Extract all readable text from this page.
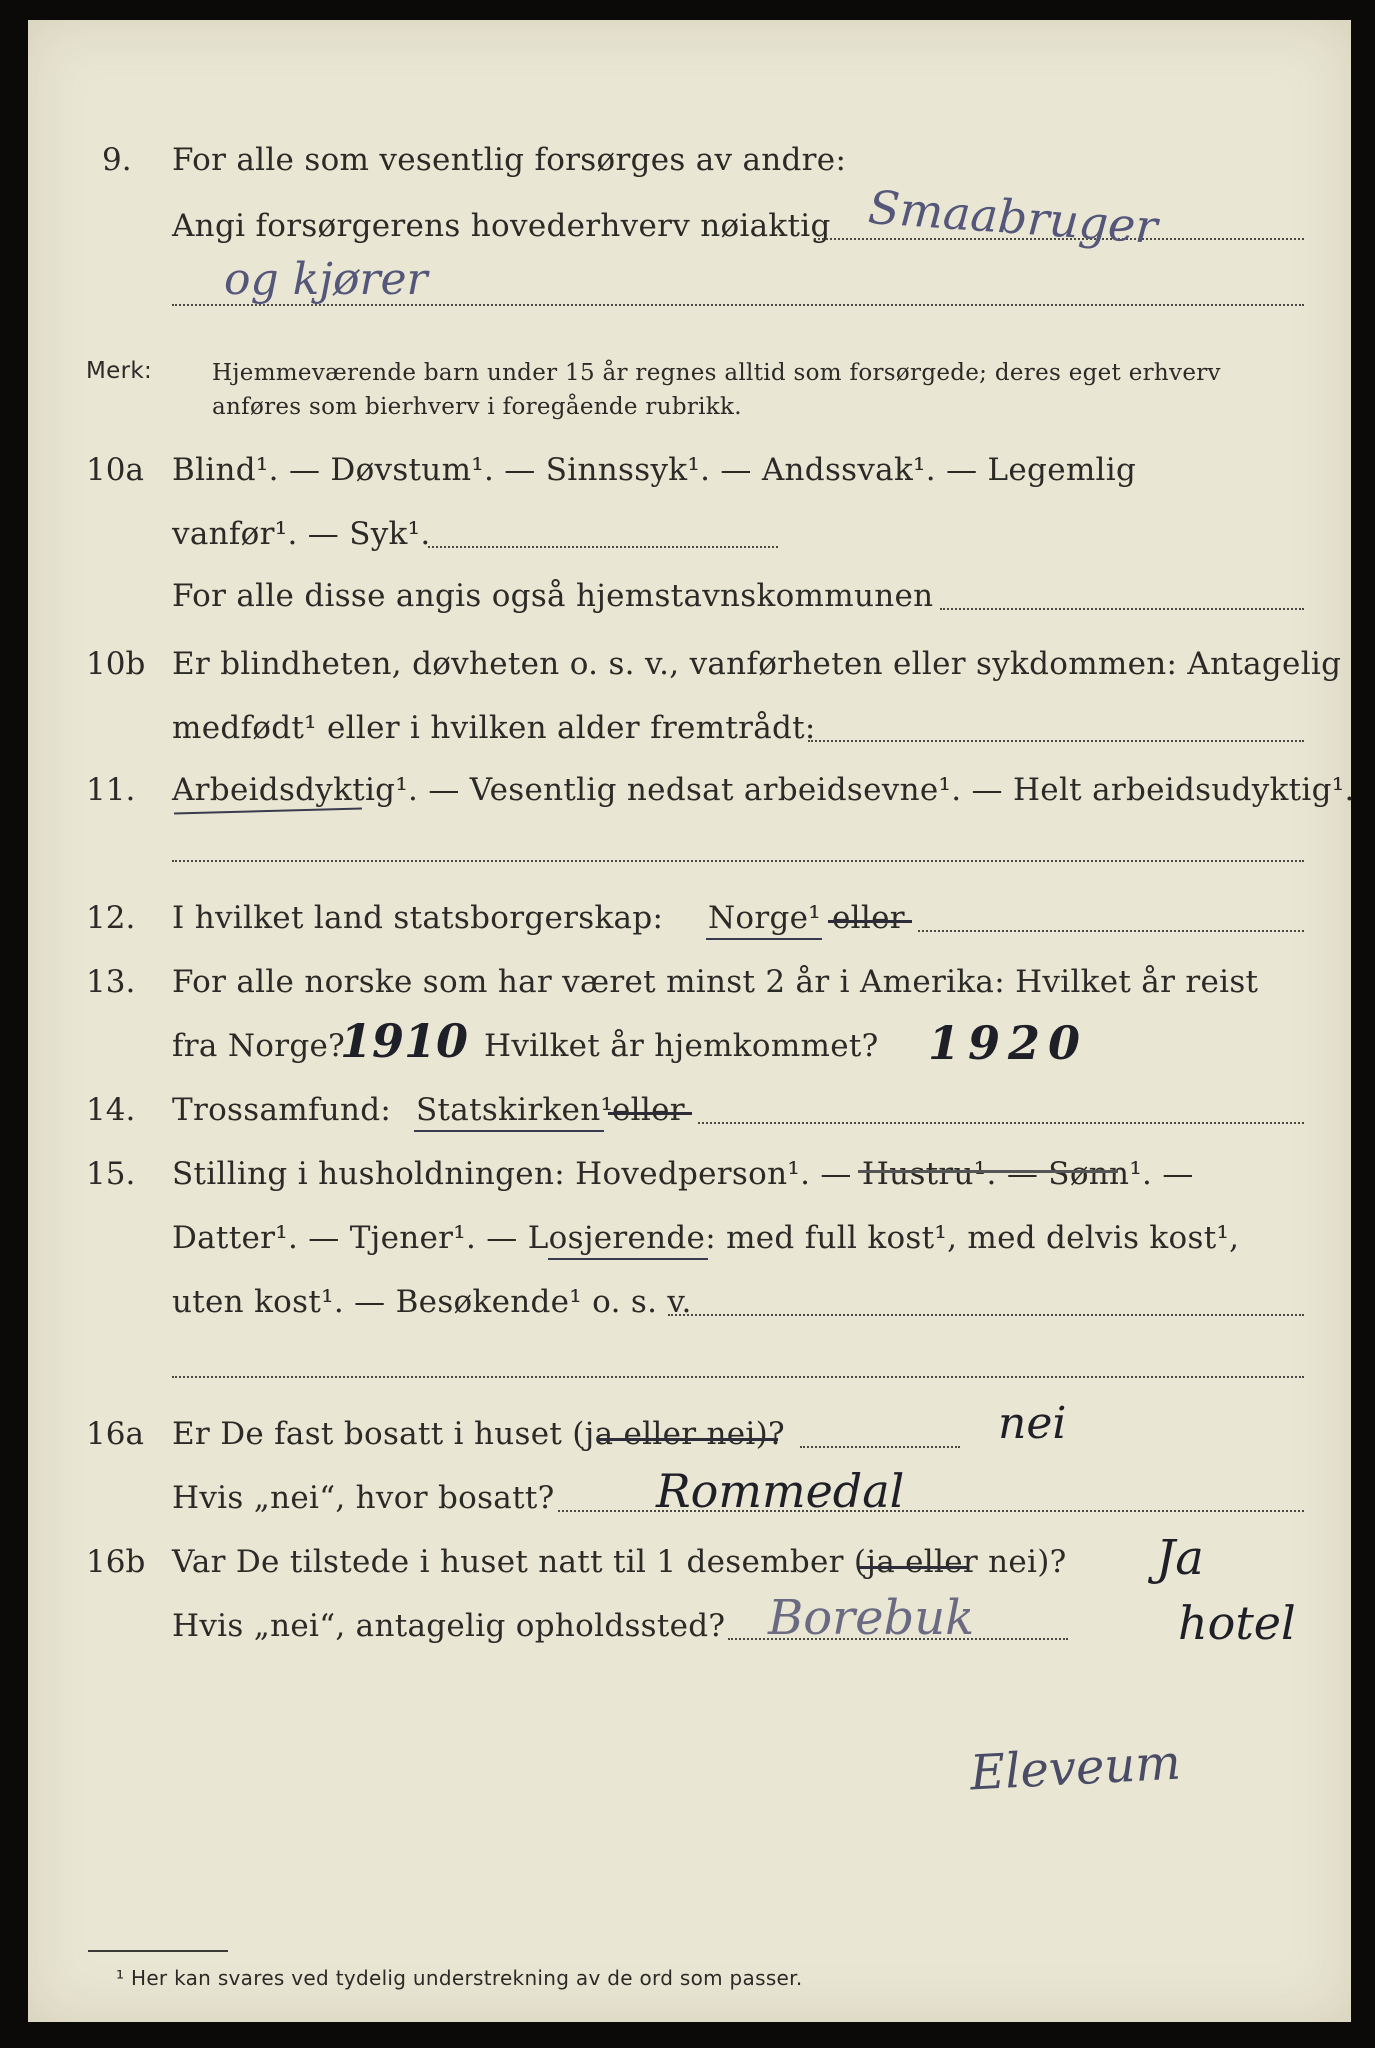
9. For alle som vesentlig forsørges av andre:
Angi forsørgerens hovederhverv nøiaktig Smaabruger
og kjører
Merk:	Hjemmeværende barn under 15 år regnes alltid som forsørgede; deres eget erhverv
anføres som bierhverv i foregående rubrikk.
10a Blind¹. — Døvstum¹. — Sinnssyk¹. — Andssvak¹. — Legemlig
vanfør¹. — Syk¹.
For alle disse angis også hjemstavnskommunen
10b Er blindheten, døvheten o. s. v., vanførheten eller sykdommen: Antagelig
medfødt¹ eller i hvilken alder fremtrådt:
11. Arbeidsdyktig¹. — Vesentlig nedsat arbeidsevne¹. — Helt arbeidsudyktig¹.
12. I hvilket land statsborgerskap: Norge¹ eller
13. For alle norske som har været minst 2 år i Amerika: Hvilket år reist
fra Norge?
1910 Hvilket år hjemkommet? 1920
14. Trossamfund: Statskirken¹
eller
15. Stilling i husholdningen: Hovedperson¹. — Hustru¹. — Sønn¹. —
Datter¹. — Tjener¹. — Losjerende: med full kost¹, med delvis kost¹,
uten kost¹. — Besøkende¹ o. s. v.
16a Er De fast bosatt i huset (ja eller nei)?	nei
Hvis „nei“, hvor bosatt? Rommedal
16b Var De tilstede i huset natt til 1 desember (ja eller nei)? Ja
Hvis „nei“, antagelig opholdssted? Borebuk	hotel
Eleveum
¹ Her kan svares ved tydelig understrekning av de ord som passer.
